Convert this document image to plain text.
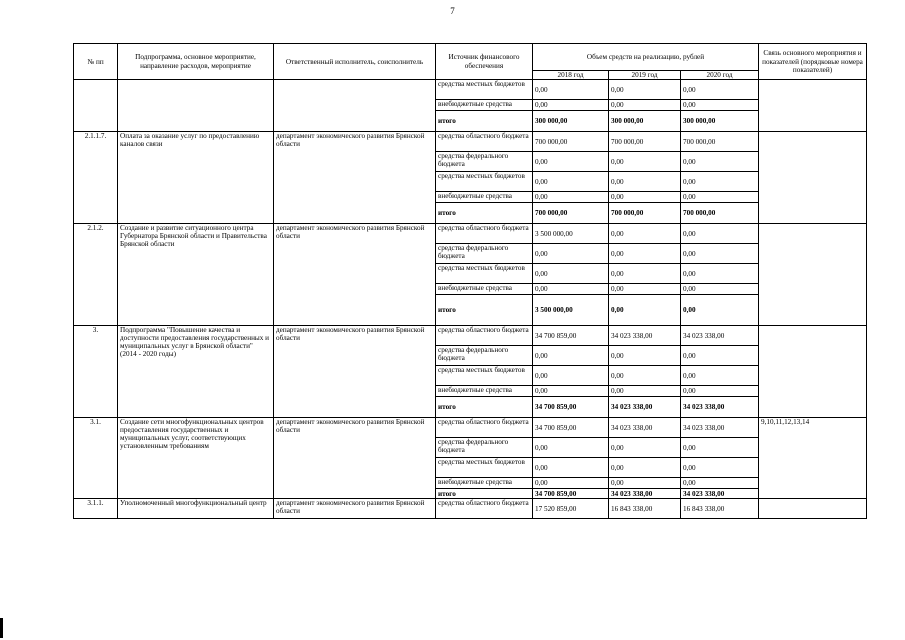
7
№ пп	Подпрограмма, основное мероприятие, направление расходов, мероприятие	Ответственный исполнитель, соисполнитель	Источник финансового обеспечения	Объем средств на реализацию, рублей			Связь основного мероприятия и показателей (порядковые номера показателей)
				2018 год	2019 год	2020 год	
			средства местных бюджетов	0,00	0,00	0,00	
			внебюджетные средства	0,00	0,00	0,00	
			итого	300 000,00	300 000,00	300 000,00	
2.1.1.7.	Оплата за оказание услуг по предоставлению каналов связи	департамент экономического развития Брянской области	средства областного бюджета	700 000,00	700 000,00	700 000,00	
			средства федерального бюджета	0,00	0,00	0,00	
			средства местных бюджетов	0,00	0,00	0,00	
			внебюджетные средства	0,00	0,00	0,00	
			итого	700 000,00	700 000,00	700 000,00	
2.1.2.	Создание и развитие ситуационного центра Губернатора Брянской области и Правительства Брянской области	департамент экономического развития Брянской области	средства областного бюджета	3 500 000,00	0,00	0,00	
			средства федерального бюджета	0,00	0,00	0,00	
			средства местных бюджетов	0,00	0,00	0,00	
			внебюджетные средства	0,00	0,00	0,00	
			итого	3 500 000,00	0,00	0,00	
3.	Подпрограмма "Повышение качества и доступности предоставления государственных и муниципальных услуг в Брянской области" (2014 - 2020 годы)	департамент экономического развития Брянской области	средства областного бюджета	34 700 859,00	34 023 338,00	34 023 338,00	
			средства федерального бюджета	0,00	0,00	0,00	
			средства местных бюджетов	0,00	0,00	0,00	
			внебюджетные средства	0,00	0,00	0,00	
			итого	34 700 859,00	34 023 338,00	34 023 338,00	
3.1.	Создание сети многофункциональных центров предоставления государственных и муниципальных услуг, соответствующих установленным требованиям	департамент экономического развития Брянской области	средства областного бюджета	34 700 859,00	34 023 338,00	34 023 338,00	9,10,11,12,13,14
			средства федерального бюджета	0,00	0,00	0,00	
			средства местных бюджетов	0,00	0,00	0,00	
			внебюджетные средства	0,00	0,00	0,00	
			итого	34 700 859,00	34 023 338,00	34 023 338,00	
3.1.1.	Уполномоченный многофункциональный центр	департамент экономического развития Брянской области	средства областного бюджета	17 520 859,00	16 843 338,00	16 843 338,00	
